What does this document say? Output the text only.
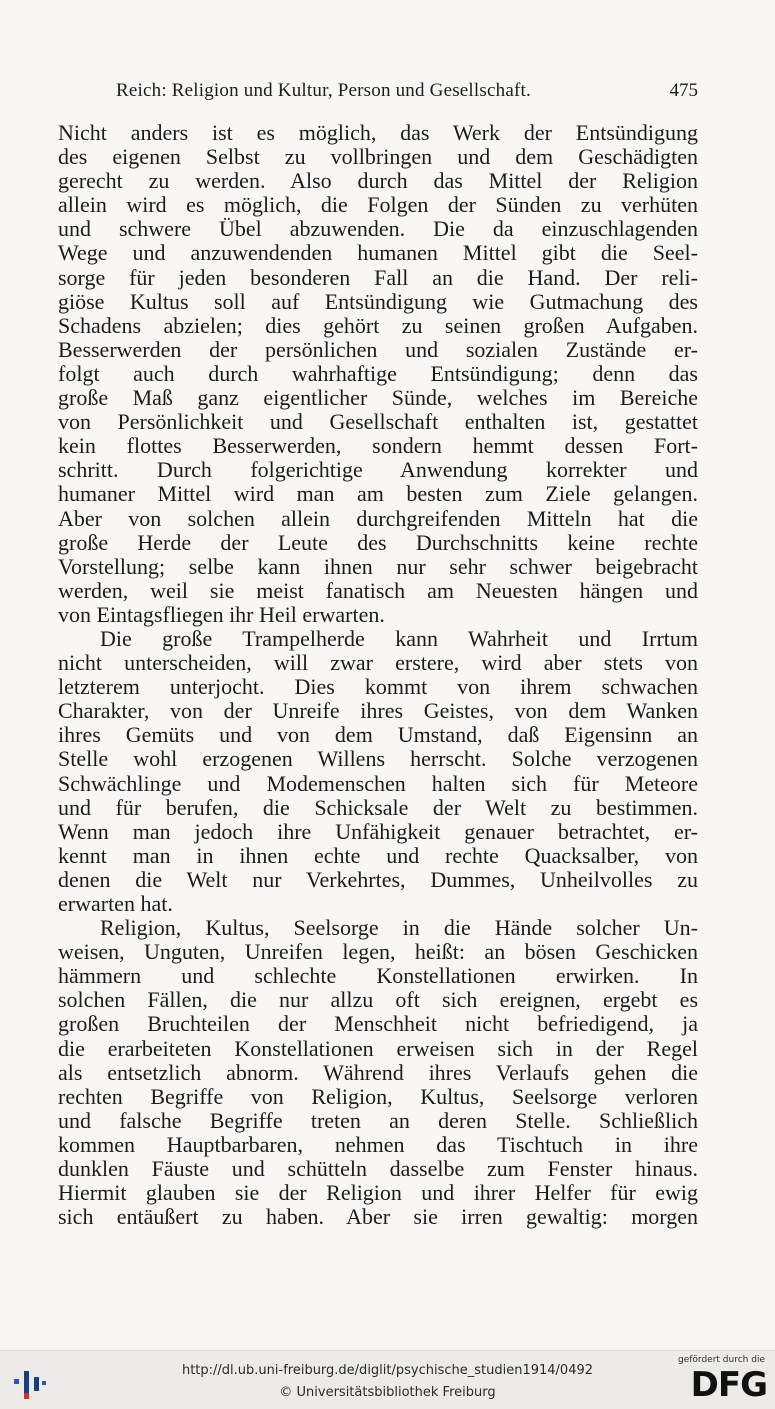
Reich: Religion und Kultur, Person und Gesellschaft.	475

Nicht anders ist es möglich, das Werk der Entsündigung
des eigenen Selbst zu vollbringen und dem Geschädigten
gerecht zu werden. Also durch das Mittel der Religion
allein wird es möglich, die Folgen der Sünden zu verhüten
und schwere Übel abzuwenden. Die da einzuschlagenden
Wege und anzuwendenden humanen Mittel gibt die Seel-
sorge für jeden besonderen Fall an die Hand. Der reli-
giöse Kultus soll auf Entsündigung wie Gutmachung des
Schadens abzielen; dies gehört zu seinen großen Aufgaben.
Besserwerden der persönlichen und sozialen Zustände er-
folgt auch durch wahrhaftige Entsündigung; denn das
große Maß ganz eigentlicher Sünde, welches im Bereiche
von Persönlichkeit und Gesellschaft enthalten ist, gestattet
kein flottes Besserwerden, sondern hemmt dessen Fort-
schritt. Durch folgerichtige Anwendung korrekter und
humaner Mittel wird man am besten zum Ziele gelangen.
Aber von solchen allein durchgreifenden Mitteln hat die
große Herde der Leute des Durchschnitts keine rechte
Vorstellung; selbe kann ihnen nur sehr schwer beigebracht
werden, weil sie meist fanatisch am Neuesten hängen und
von Eintagsfliegen ihr Heil erwarten.

Die große Trampelherde kann Wahrheit und Irrtum
nicht unterscheiden, will zwar erstere, wird aber stets von
letzterem unterjocht. Dies kommt von ihrem schwachen
Charakter, von der Unreife ihres Geistes, von dem Wanken
ihres Gemüts und von dem Umstand, daß Eigensinn an
Stelle wohl erzogenen Willens herrscht. Solche verzogenen
Schwächlinge und Modemenschen halten sich für Meteore
und für berufen, die Schicksale der Welt zu bestimmen.
Wenn man jedoch ihre Unfähigkeit genauer betrachtet, er-
kennt man in ihnen echte und rechte Quacksalber, von
denen die Welt nur Verkehrtes, Dummes, Unheilvolles zu
erwarten hat.

Religion, Kultus, Seelsorge in die Hände solcher Un-
weisen, Unguten, Unreifen legen, heißt: an bösen Geschicken
hämmern und schlechte Konstellationen erwirken. In
solchen Fällen, die nur allzu oft sich ereignen, ergebt es
großen Bruchteilen der Menschheit nicht befriedigend, ja
die erarbeiteten Konstellationen erweisen sich in der Regel
als entsetzlich abnorm. Während ihres Verlaufs gehen die
rechten Begriffe von Religion, Kultus, Seelsorge verloren
und falsche Begriffe treten an deren Stelle. Schließlich
kommen Hauptbarbaren, nehmen das Tischtuch in ihre
dunklen Fäuste und schütteln dasselbe zum Fenster hinaus.
Hiermit glauben sie der Religion und ihrer Helfer für ewig
sich entäußert zu haben. Aber sie irren gewaltig: morgen

http://dl.ub.uni-freiburg.de/diglit/psychische_studien1914/0492
© Universitätsbibliothek Freiburg
gefördert durch die
DFG
